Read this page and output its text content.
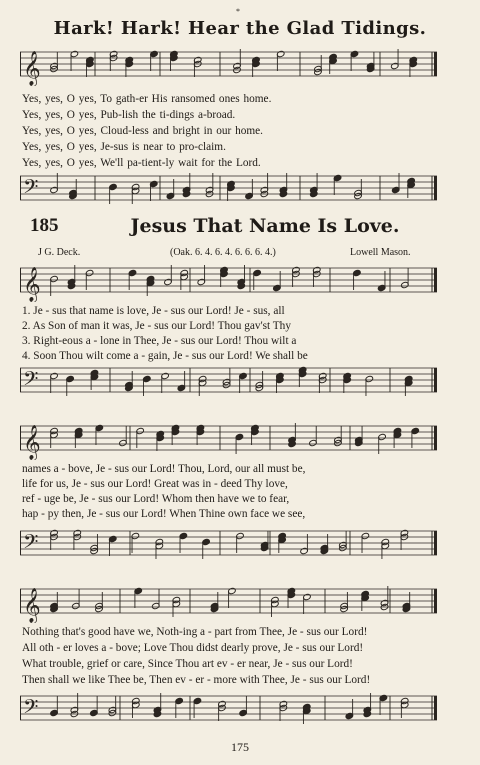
*
Hark! Hark! Hear the Glad Tidings.
𝄞
Yes, yes, O yes, To gath-er His ransomed ones home.
Yes, yes, O yes, Pub-lish the ti-dings a-broad.
Yes, yes, O yes, Cloud-less and bright in our home.
Yes, yes, O yes, Je-sus is near to pro-claim.
Yes, yes, O yes, We'll pa-tient-ly wait for the Lord.
𝄢
185	Jesus That Name Is Love.
J G. Deck.	(Oak. 6. 4. 6. 4. 6. 6. 6. 4.)	Lowell Mason.
𝄞
1. Je - sus that name is love, Je - sus our Lord! Je - sus, all
2. As Son of man it was, Je - sus our Lord! Thou gav'st Thy
3. Right-eous a - lone in Thee, Je - sus our Lord! Thou wilt a
4. Soon Thou wilt come a - gain, Je - sus our Lord! We shall be
𝄢
𝄞
names a - bove, Je - sus our Lord! Thou, Lord, our all must be,
life for us, Je - sus our Lord! Great was in - deed Thy love,
ref - uge be, Je - sus our Lord! Whom then have we to fear,
hap - py then, Je - sus our Lord! When Thine own face we see,
𝄢
𝄞
Nothing that's good have we, Noth-ing a - part from Thee, Je - sus our Lord!
All oth - er loves a - bove; Love Thou didst dearly prove, Je - sus our Lord!
What trouble, grief or care, Since Thou art ev - er near, Je - sus our Lord!
Then shall we like Thee be, Then ev - er - more with Thee, Je - sus our Lord!
𝄢
175
